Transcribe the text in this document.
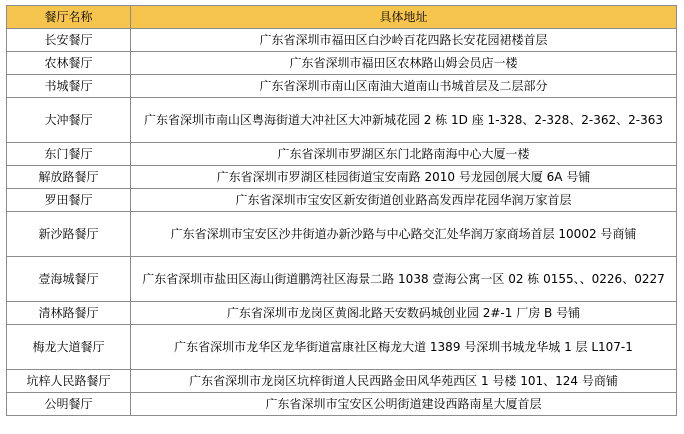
餐厅名称	具体地址
长安餐厅	广东省深圳市福田区白沙岭百花四路长安花园裙楼首层
农林餐厅	广东省深圳市福田区农林路山姆会员店一楼
书城餐厅	广东省深圳市南山区南油大道南山书城首层及二层部分
大冲餐厅	广东省深圳市南山区粤海街道大冲社区大冲新城花园 2 栋 1D 座 1-328、2-328、2-362、2-363
东门餐厅	广东省深圳市罗湖区东门北路南海中心大厦一楼
解放路餐厅	广东省深圳市罗湖区桂园街道宝安南路 2010 号龙园创展大厦 6A 号铺
罗田餐厅	广东省深圳市宝安区新安街道创业路高发西岸花园华润万家首层
新沙路餐厅	广东省深圳市宝安区沙井街道办新沙路与中心路交汇处华润万家商场首层 10002 号商铺
壹海城餐厅	广东省深圳市盐田区海山街道鹏湾社区海景二路 1038 壹海公寓一区 02 栋 0155、、0226、0227
清林路餐厅	广东省深圳市龙岗区黄阁北路天安数码城创业园 2#-1 厂房 B 号铺
梅龙大道餐厅	广东省深圳市龙华区龙华街道富康社区梅龙大道 1389 号深圳书城龙华城 1 层 L107-1
坑梓人民路餐厅	广东省深圳市龙岗区坑梓街道人民西路金田风华苑西区 1 号楼 101、124 号商铺
公明餐厅	广东省深圳市宝安区公明街道建设西路南星大厦首层
